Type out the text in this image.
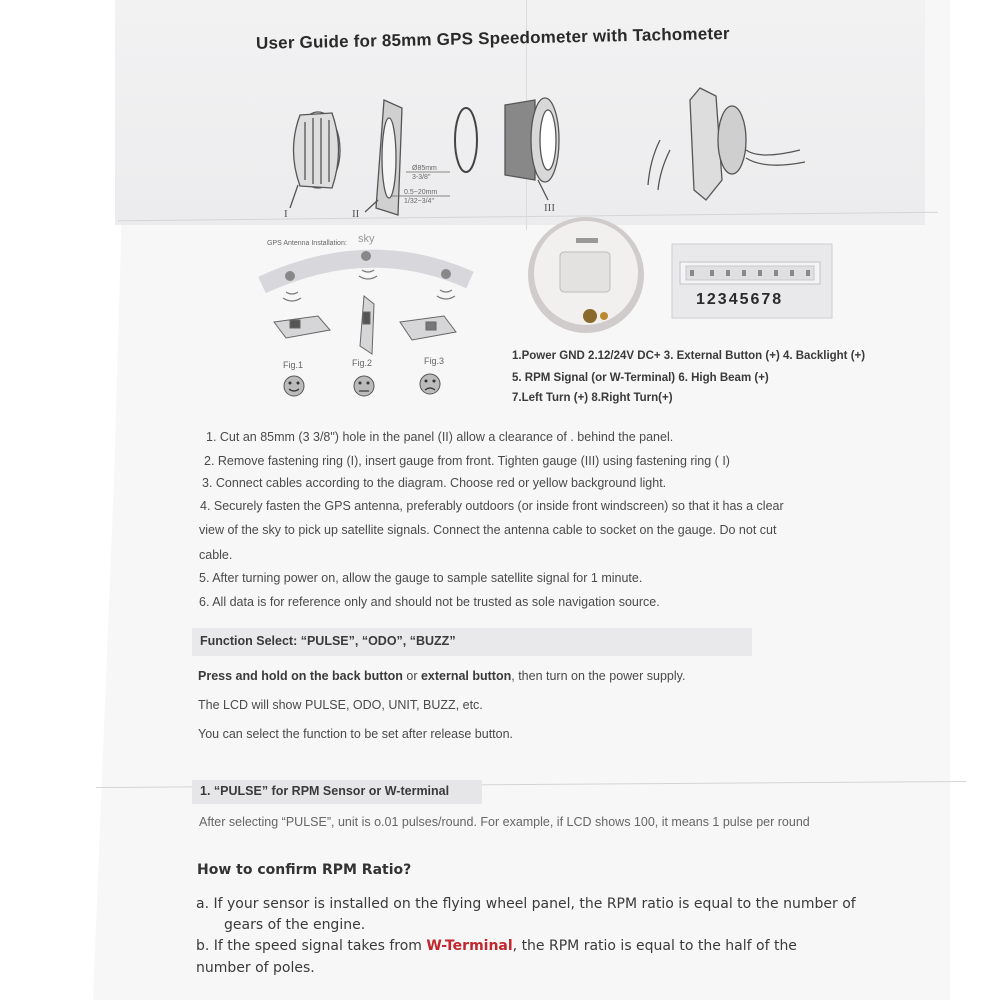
User Guide for 85mm GPS Speedometer with Tachometer
Ø85mm
3-3/8"
0.5~20mm
1/32~3/4"
I	II	III
GPS Antenna Installation: sky
Fig.1	Fig.2	Fig.3
12345678
1.Power GND 2.12/24V DC+ 3. External Button (+) 4. Backlight (+)
5. RPM Signal (or W-Terminal) 6. High Beam (+)
7.Left Turn (+) 8.Right Turn(+)
1. Cut an 85mm (3 3/8") hole in the panel (II) allow a clearance of . behind the panel.
2. Remove fastening ring (I), insert gauge from front. Tighten gauge (III) using fastening ring ( I)
3. Connect cables according to the diagram. Choose red or yellow background light.
4. Securely fasten the GPS antenna, preferably outdoors (or inside front windscreen) so that it has a clear
view of the sky to pick up satellite signals. Connect the antenna cable to socket on the gauge. Do not cut
cable.
5. After turning power on, allow the gauge to sample satellite signal for 1 minute.
6. All data is for reference only and should not be trusted as sole navigation source.
Function Select: “PULSE”, “ODO”, “BUZZ”
Press and hold on the back button or external button, then turn on the power supply.
The LCD will show PULSE, ODO, UNIT, BUZZ, etc.
You can select the function to be set after release button.
1. “PULSE” for RPM Sensor or W-terminal
After selecting “PULSE”, unit is o.01 pulses/round. For example, if LCD shows 100, it means 1 pulse per round
How to confirm RPM Ratio?
a. If your sensor is installed on the flying wheel panel, the RPM ratio is equal to the number of
gears of the engine.
b. If the speed signal takes from W-Terminal, the RPM ratio is equal to the half of the
number of poles.
